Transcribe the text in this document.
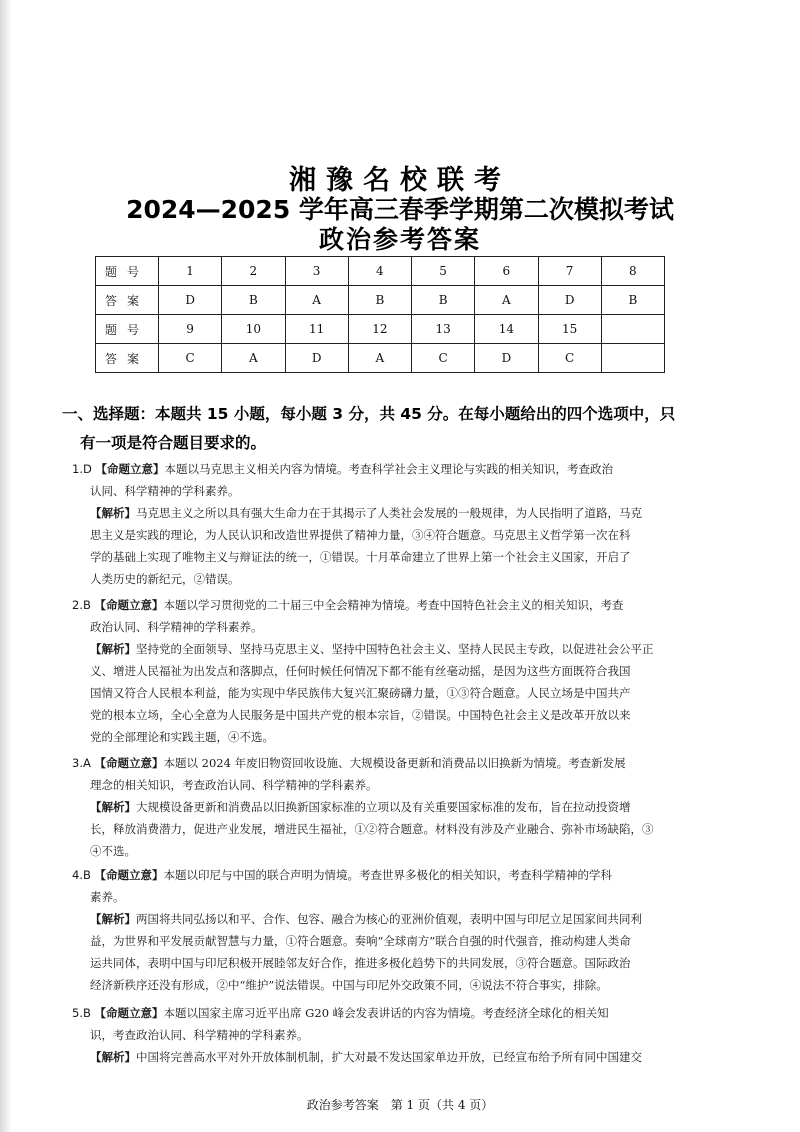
湘豫名校联考
2024—2025 学年高三春季学期第二次模拟考试
政治参考答案
题号	1	2	3	4	5	6	7	8
答案	D	B	A	B	B	A	D	B
题号	9	10	11	12	13	14	15	
答案	C	A	D	A	C	D	C	
一、选择题：本题共 15 小题，每小题 3 分，共 45 分。在每小题给出的四个选项中，只
有一项是符合题目要求的。
1.D 【命题立意】本题以马克思主义相关内容为情境。考查科学社会主义理论与实践的相关知识，考查政治
认同、科学精神的学科素养。
【解析】马克思主义之所以具有强大生命力在于其揭示了人类社会发展的一般规律，为人民指明了道路，马克
思主义是实践的理论，为人民认识和改造世界提供了精神力量，③④符合题意。马克思主义哲学第一次在科
学的基础上实现了唯物主义与辩证法的统一，①错误。十月革命建立了世界上第一个社会主义国家，开启了
人类历史的新纪元，②错误。
2.B 【命题立意】本题以学习贯彻党的二十届三中全会精神为情境。考查中国特色社会主义的相关知识，考查
政治认同、科学精神的学科素养。
【解析】坚持党的全面领导、坚持马克思主义、坚持中国特色社会主义、坚持人民民主专政，以促进社会公平正
义、增进人民福祉为出发点和落脚点，任何时候任何情况下都不能有丝毫动摇，是因为这些方面既符合我国
国情又符合人民根本利益，能为实现中华民族伟大复兴汇聚磅礴力量，①③符合题意。人民立场是中国共产
党的根本立场，全心全意为人民服务是中国共产党的根本宗旨，②错误。中国特色社会主义是改革开放以来
党的全部理论和实践主题，④不选。
3.A 【命题立意】本题以 2024 年废旧物资回收设施、大规模设备更新和消费品以旧换新为情境。考查新发展
理念的相关知识，考查政治认同、科学精神的学科素养。
【解析】大规模设备更新和消费品以旧换新国家标准的立项以及有关重要国家标准的发布，旨在拉动投资增
长，释放消费潜力，促进产业发展，增进民生福祉，①②符合题意。材料没有涉及产业融合、弥补市场缺陷，③
④不选。
4.B 【命题立意】本题以印尼与中国的联合声明为情境。考查世界多极化的相关知识，考查科学精神的学科
素养。
【解析】两国将共同弘扬以和平、合作、包容、融合为核心的亚洲价值观，表明中国与印尼立足国家间共同利
益，为世界和平发展贡献智慧与力量，①符合题意。奏响“全球南方”联合自强的时代强音，推动构建人类命
运共同体，表明中国与印尼积极开展睦邻友好合作，推进多极化趋势下的共同发展，③符合题意。国际政治
经济新秩序还没有形成，②中“维护”说法错误。中国与印尼外交政策不同，④说法不符合事实，排除。
5.B 【命题立意】本题以国家主席习近平出席 G20 峰会发表讲话的内容为情境。考查经济全球化的相关知
识，考查政治认同、科学精神的学科素养。
【解析】中国将完善高水平对外开放体制机制，扩大对最不发达国家单边开放，已经宣布给予所有同中国建交
政治参考答案　第 1 页（共 4 页）
